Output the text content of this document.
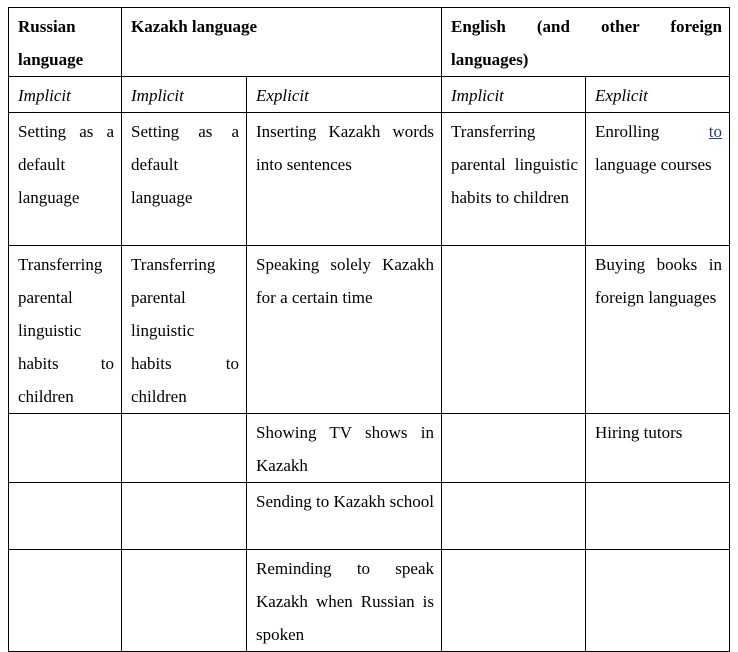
Russian language	Kazakh language		English (and other foreign
languages)	
Implicit	Implicit	Explicit	Implicit	Explicit
Setting as a default language	Setting as a default language	Inserting Kazakh words into sentences	Transferring parental linguistic habits to children	Enrolling to language courses
Transferring parental linguistic habits to children	Transferring parental linguistic habits to children	Speaking solely Kazakh for a certain time		Buying books in foreign languages
		Showing TV shows in Kazakh		Hiring tutors
		Sending to Kazakh school		
		Reminding to speak Kazakh when Russian is spoken		
